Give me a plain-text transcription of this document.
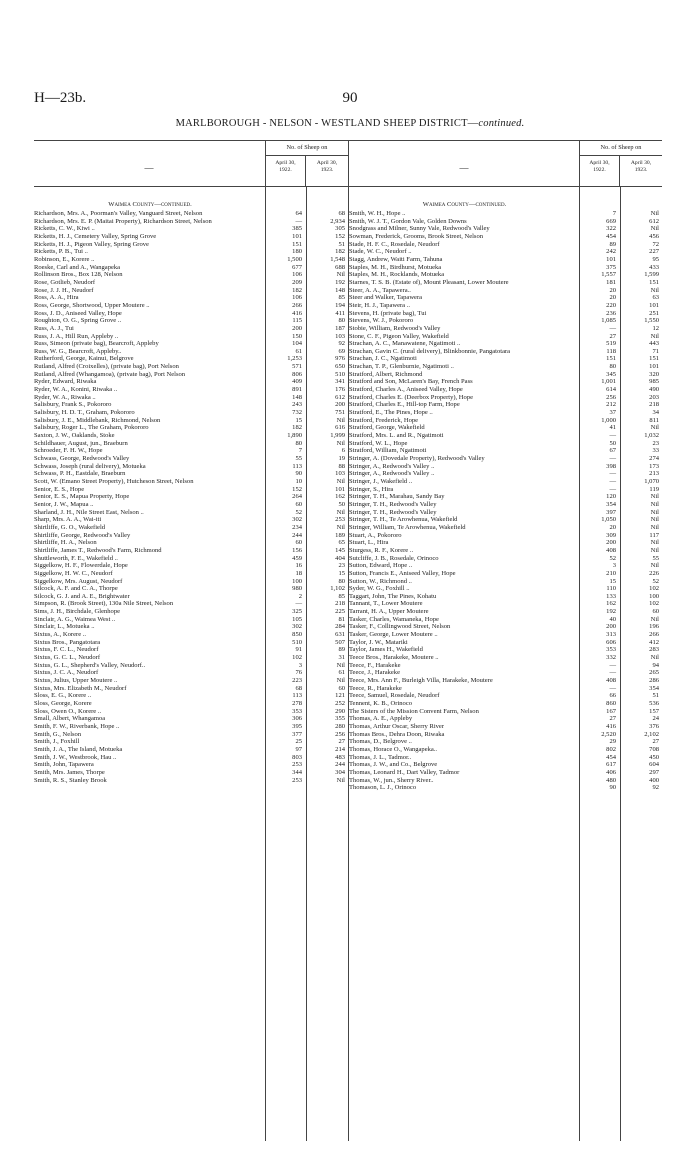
H—23b.	90
MARLBOROUGH - NELSON - WESTLAND SHEEP DISTRICT—continued.
—
No. of Sheep on
April 30,
1922.
April 30,
1923.
Waimea County—continued.
Richardson, Mrs. A., Poorman's Valley, Vanguard Street, Nelson	64	68
Richardson, Mrs. E. P. (Maitai Property), Richardson Street, Nelson	—	2,934
Ricketts, C. W., Kiwi ..	385	305
Ricketts, H. J., Cemetery Valley, Spring Grove	101	152
Ricketts, H. J., Pigeon Valley, Spring Grove	151	51
Ricketts, P. B., Tui ..	180	182
Robinson, E., Korere ..	1,500	1,548
Roeske, Carl and A., Wangapeka	677	688
Rollinson Bros., Box 128, Nelson	106	Nil
Rose, Gotlieb, Neudorf	209	192
Rose, J. J. H., Neudorf	182	148
Ross, A. A., Hira	106	85
Ross, George, Shortwood, Upper Moutere ..	266	194
Ross, J. D., Aniseed Valley, Hope	416	411
Roughton, O. G., Spring Grove ..	115	80
Russ, A. J., Tui	200	187
Russ, J. A., Hill Run, Appleby ..	150	103
Russ, Simeon (private bag), Bearcroft, Appleby	104	92
Russ, W. G., Bearcroft, Appleby..	61	69
Rutherford, George, Kainui, Belgrove	1,253	976
Rutland, Alfred (Croixelles), (private bag), Port Nelson	571	650
Rutland, Alfred (Whangamoa), (private bag), Port Nelson	806	510
Ryder, Edward, Riwaka	409	341
Ryder, W. A., Konini, Riwaka ..	891	176
Ryder, W. A., Riwaka ..	148	612
Salisbury, Frank S., Pokororo	243	200
Salisbury, H. D. T., Graham, Pokororo	732	751
Salisbury, J. E., Middlebank, Richmond, Nelson	15	Nil
Salisbury, Roger L., The Graham, Pokororo	182	616
Saxton, J. W., Oaklands, Stoke	1,890	1,999
Schildhauer, August, jun., Braeburn	80	Nil
Schroeder, F. H. W., Hope	7	6
Schwass, George, Redwood's Valley	55	19
Schwass, Joseph (rural delivery), Motueka	113	88
Schwass, P. H., Eastdale, Braeburn	90	103
Scott, W. (Emano Street Property), Hutcheson Street, Nelson	10	Nil
Senior, E. S., Hope	152	101
Senior, E. S., Mapua Property, Hope	264	162
Senior, J. W., Mapua ..	60	50
Sharland, J. H., Nile Street East, Nelson ..	52	Nil
Sharp, Mrs. A. A., Wai-iti	302	253
Shirtliffe, G. O., Wakefield	234	Nil
Shirtliffe, George, Redwood's Valley	244	189
Shirtliffe, H. A., Nelson	60	65
Shirtliffe, James T., Redwood's Farm, Richmond	156	145
Shuttleworth, F. E., Wakefield ..	459	404
Siggelkow, H. F., Flowerdale, Hope	16	23
Siggelkow, H. W. C., Neudorf	18	15
Siggelkow, Mrs. August, Neudorf	100	80
Silcock, A. F. and C. A., Thorpe	980	1,102
Silcock, G. J. and A. E., Brightwater	2	85
Simpson, R. (Brook Street), 130a Nile Street, Nelson	—	218
Sims, J. H., Birchdale, Glenhope	325	225
Sinclair, A. G., Waimea West ..	105	81
Sinclair, L., Motueka ..	302	284
Sixtus, A., Korere ..	850	631
Sixtus Bros., Pangatotara	510	507
Sixtus, F. C. L., Neudorf	91	89
Sixtus, G. C. L., Neudorf	102	31
Sixtus, G. L., Shepherd's Valley, Neudorf..	3	Nil
Sixtus, J. C. A., Neudorf	76	61
Sixtus, Julius, Upper Moutere ..	223	Nil
Sixtus, Mrs. Elizabeth M., Neudorf	68	60
Sloss, E. G., Korere ..	113	121
Sloss, George, Korere	278	252
Sloss, Owen O., Korere ..	353	290
Small, Albert, Whangamoa	306	355
Smith, F. W., Riverbank, Hope ..	395	280
Smith, G., Nelson	377	256
Smith, J., Foxhill	25	27
Smith, J. A., The Island, Motueka	97	214
Smith, J. W., Westbrook, Hau ..	803	483
Smith, John, Tapawera	253	244
Smith, Mrs. James, Thorpe	344	304
Smith, R. S., Stanley Brook	253	Nil
—
No. of Sheep on
April 30,
1922.
April 30,
1923.
Waimea County—continued.
Smith, W. H., Hope ..	7	Nil
Smith, W. J. T., Gordon Vale, Golden Downs	669	612
Snodgrass and Milner, Sunny Vale, Redwood's Valley	322	Nil
Sowman, Frederick, Grooms, Brook Street, Nelson	454	456
Stade, H. F. C., Rosedale, Neudorf	89	72
Stade, W. C., Neudorf ..	242	227
Stagg, Andrew, Waiti Farm, Tahuna	101	95
Staples, M. H., Birdhurst, Motueka	375	433
Staples, M. H., Rocklands, Motueka	1,557	1,599
Starnes, T. S. B. (Estate of), Mount Pleasant, Lower Moutere	181	151
Steer, A. A., Tapawera..	20	Nil
Steer and Walker, Tapawera	20	63
Steir, H. J., Tapawera ..	220	101
Stevens, H. (private bag), Tui	236	251
Stevens, W. J., Pokororo	1,085	1,550
Stobie, William, Redwood's Valley	—	12
Stone, C. F., Pigeon Valley, Wakefield	27	Nil
Strachan, A. C., Manawatene, Ngatimoti ..	519	443
Strachan, Gavin C. (rural delivery), Blinkbonnie, Pangatotara	118	71
Strachan, J. C., Ngatimoti	151	151
Strachan, T. P., Glenburnie, Ngatimoti ..	80	101
Stratford, Albert, Richmond	345	320
Stratford and Son, McLaren's Bay, French Pass	1,001	985
Stratford, Charles A., Aniseed Valley, Hope	614	490
Stratford, Charles E. (Deerbox Property), Hope	256	203
Stratford, Charles E., Hill-top Farm, Hope	212	218
Stratford, E., The Pines, Hope ..	37	34
Stratford, Frederick, Hope	1,000	811
Stratford, George, Wakefield	41	Nil
Stratford, Mrs. L. and R., Ngatimoti	—	1,032
Stratford, W. L., Hope	50	23
Stratford, William, Ngatimoti	67	33
Stringer, A. (Dovedale Property), Redwood's Valley	—	274
Stringer, A., Redwood's Valley ..	398	173
Stringer, A., Redwood's Valley ..	—	213
Stringer, J., Wakefield ..	—	1,070
Stringer, S., Hira	—	119
Stringer, T. H., Marahau, Sandy Bay	120	Nil
Stringer, T. H., Redwood's Valley	354	Nil
Stringer, T. H., Redwood's Valley	397	Nil
Stringer, T. H., Te Arowhenua, Wakefield	1,050	Nil
Stringer, William, Te Arowhenua, Wakefield	20	Nil
Stuart, A., Pokororo	309	117
Stuart, L., Hira	200	Nil
Sturgess, R. F., Korere ..	408	Nil
Sutcliffe, J. B., Rosedale, Orinoco	52	55
Sutton, Edward, Hope ..	3	Nil
Sutton, Francis E., Aniseed Valley, Hope	210	226
Sutton, W., Richmond ..	15	52
Syder, W. G., Foxhill ..	110	102
Taggart, John, The Pines, Kohatu	133	100
Tannant, T., Lower Moutere	162	102
Tarrant, H. A., Upper Moutere	192	60
Tasker, Charles, Wamaneka, Hope	40	Nil
Tasker, F., Collingwood Street, Nelson	200	196
Tasker, George, Lower Moutere ..	313	266
Taylor, J. W., Matariki	606	412
Taylor, James H., Wakefield	353	283
Teece Bros., Harakeke, Moutere ..	332	Nil
Teece, F., Harakeke	—	94
Teece, J., Harakeke	—	265
Teece, Mrs. Ann F., Burleigh Villa, Harakeke, Moutere	408	286
Teece, R., Harakeke	—	354
Teece, Samuel, Rosedale, Neudorf	66	51
Tennent, K. B., Orinoco	860	536
The Sisters of the Mission Convent Farm, Nelson	167	157
Thomas, A. E., Appleby	27	24
Thomas, Arthur Oscar, Sherry River	416	376
Thomas Bros., Dehra Doon, Riwaka	2,520	2,102
Thomas, D., Belgrove ..	29	27
Thomas, Horace O., Wangapeka..	802	708
Thomas, J. L., Tadmor..	454	450
Thomas, J. W., and Co., Belgrove	617	604
Thomas, Leonard H., Dart Valley, Tadmor	406	297
Thomas, W., jun., Sherry River..	480	400
Thomason, L. J., Orinoco	90	92
